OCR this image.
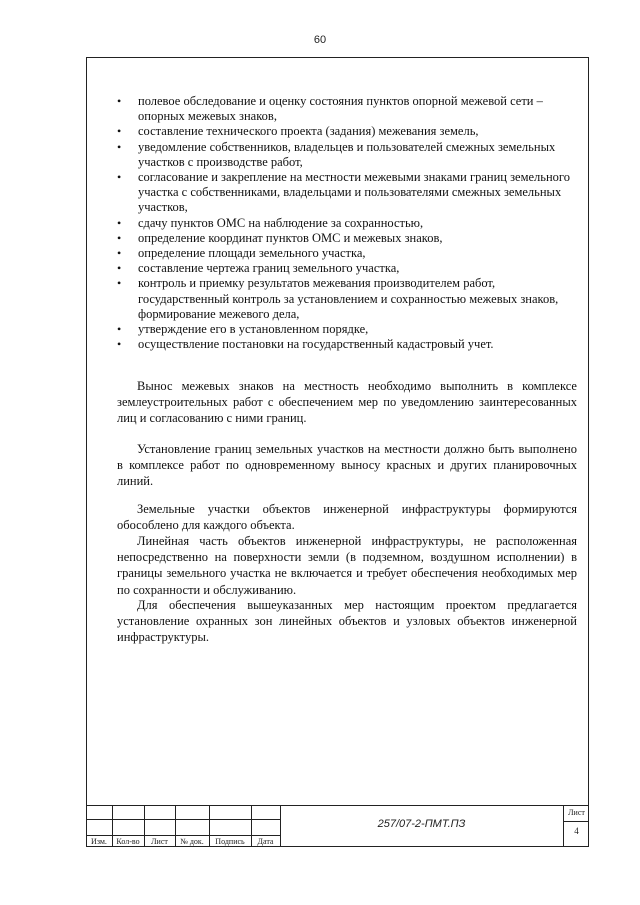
60
• полевое обследование и оценку состояния пунктов опорной межевой сети – опорных межевых знаков,
• составление технического проекта (задания) межевания земель,
• уведомление собственников, владельцев и пользователей смежных земельных участков с производстве работ,
• согласование и закрепление на местности межевыми знаками границ земельного участка с собственниками, владельцами и пользователями смежных земельных участков,
• сдачу пунктов ОМС на наблюдение за сохранностью,
• определение координат пунктов ОМС и межевых знаков,
• определение площади земельного участка,
• составление чертежа границ земельного участка,
• контроль и приемку результатов межевания производителем работ, государственный контроль за установлением и сохранностью межевых знаков, формирование межевого дела,
• утверждение его в установленном порядке,
• осуществление постановки на государственный кадастровый учет.

Вынос межевых знаков на местность необходимо выполнить в комплексе землеустроительных работ с обеспечением мер по уведомлению заинтересованных лиц и согласованию с ними границ.

Установление границ земельных участков на местности должно быть выполнено в комплексе работ по одновременному выносу красных и других планировочных линий.

Земельные участки объектов инженерной инфраструктуры формируются обособлено для каждого объекта.

Линейная часть объектов инженерной инфраструктуры, не расположенная непосредственно на поверхности земли (в подземном, воздушном исполнении) в границы земельного участка не включается и требует обеспечения необходимых мер по сохранности и обслуживанию.

Для обеспечения вышеуказанных мер настоящим проектом предлагается установление охранных зон линейных объектов и узловых объектов инженерной инфраструктуры.

Изм.	Кол-во	Лист	№ док.	Подпись	Дата
257/07-2-ПМТ.ПЗ
Лист
4
